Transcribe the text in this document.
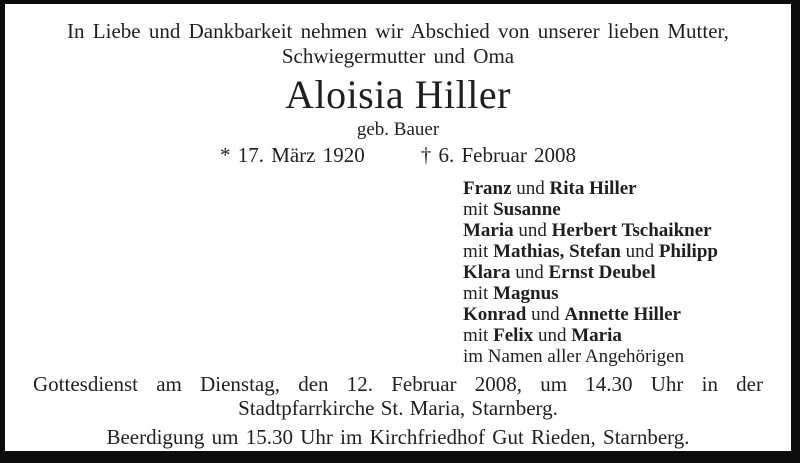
In Liebe und Dankbarkeit nehmen wir Abschied von unserer lieben Mutter,
Schwiegermutter und Oma
Aloisia Hiller
geb. Bauer
* 17. März 1920	† 6. Februar 2008
Franz und Rita Hiller
mit Susanne
Maria und Herbert Tschaikner
mit Mathias, Stefan und Philipp
Klara und Ernst Deubel
mit Magnus
Konrad und Annette Hiller
mit Felix und Maria
im Namen aller Angehörigen
Gottesdienst am Dienstag, den 12. Februar 2008, um 14.30 Uhr in der
Stadtpfarrkirche St. Maria, Starnberg.
Beerdigung um 15.30 Uhr im Kirchfriedhof Gut Rieden, Starnberg.
